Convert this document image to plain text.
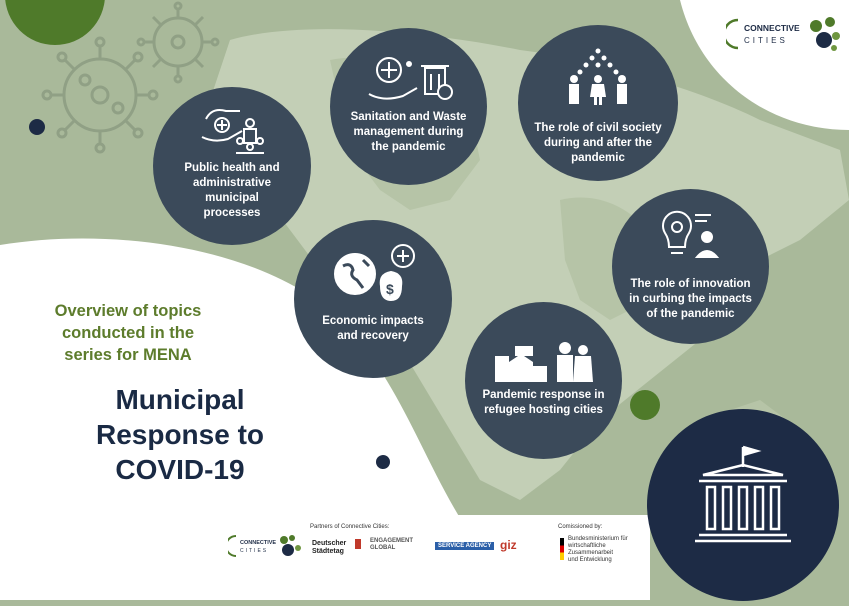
CONNECTIVE
CITIES
Public health and
administrative
municipal
processes
Sanitation and Waste
management during
the pandemic
The role of civil society
during and after the
pandemic
$
Economic impacts
and recovery
The role of innovation
in curbing the impacts
of the pandemic
Pandemic response in
refugee hosting cities
Overview of topics
conducted in the
series for MENA
Municipal
Response to
COVID-19
CONNECTIVE
CITIES
Partners of Connective Cities:	Comissioned by:
Deutscher
Städtetag
ENGAGEMENT
GLOBAL	SERVICE AGENCY giz	Bundesministerium für
wirtschaftliche Zusammenarbeit
und Entwicklung
